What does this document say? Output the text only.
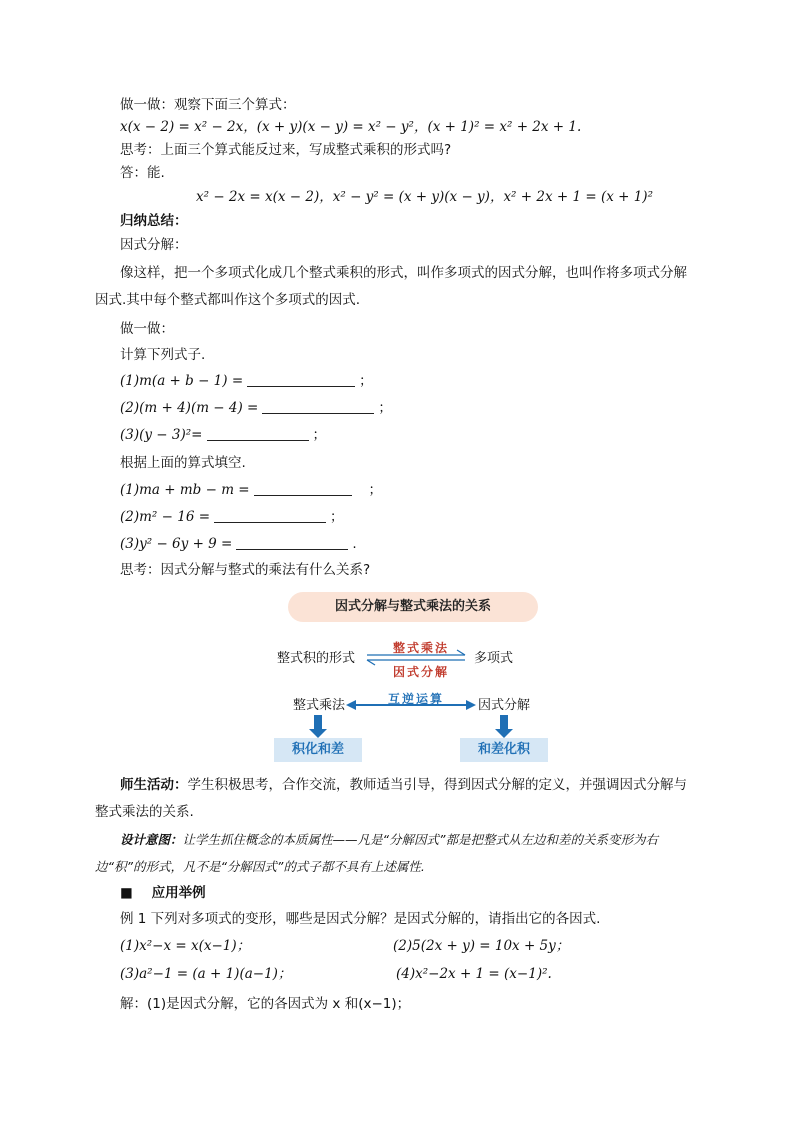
做一做：观察下面三个算式：
x(x − 2) = x² − 2x，(x + y)(x − y) = x² − y²，(x + 1)² = x² + 2x + 1.
思考：上面三个算式能反过来，写成整式乘积的形式吗?
答：能.
x² − 2x = x(x − 2)，x² − y² = (x + y)(x − y)，x² + 2x + 1 = (x + 1)²
归纳总结：
因式分解：
像这样，把一个多项式化成几个整式乘积的形式，叫作多项式的因式分解，也叫作将多项式分解因式.其中每个整式都叫作这个多项式的因式.
做一做：
计算下列式子.
(1)m(a + b − 1) =	；
(2)(m + 4)(m − 4) =	；
(3)(y − 3)²=	；
根据上面的算式填空.
(1)ma + mb − m =	；
(2)m² − 16 =	；
(3)y² − 6y + 9 =	.
思考：因式分解与整式的乘法有什么关系?
因式分解与整式乘法的关系
整式积的形式	多项式
整式乘法
因式分解
整式乘法	因式分解
互逆运算
积化和差	和差化积
师生活动：学生积极思考，合作交流，教师适当引导，得到因式分解的定义，并强调因式分解与整式乘法的关系.
设计意图：让学生抓住概念的本质属性——凡是“分解因式”都是把整式从左边和差的关系变形为右边“积”的形式，凡不是“分解因式”的式子都不具有上述属性.
■ 应用举例
例 1 下列对多项式的变形，哪些是因式分解？是因式分解的，请指出它的各因式.
(1)x²−x = x(x−1)；	(2)5(2x + y) = 10x + 5y；
(3)a²−1 = (a + 1)(a−1)；	(4)x²−2x + 1 = (x−1)².
解：(1)是因式分解，它的各因式为 x 和(x−1)；
